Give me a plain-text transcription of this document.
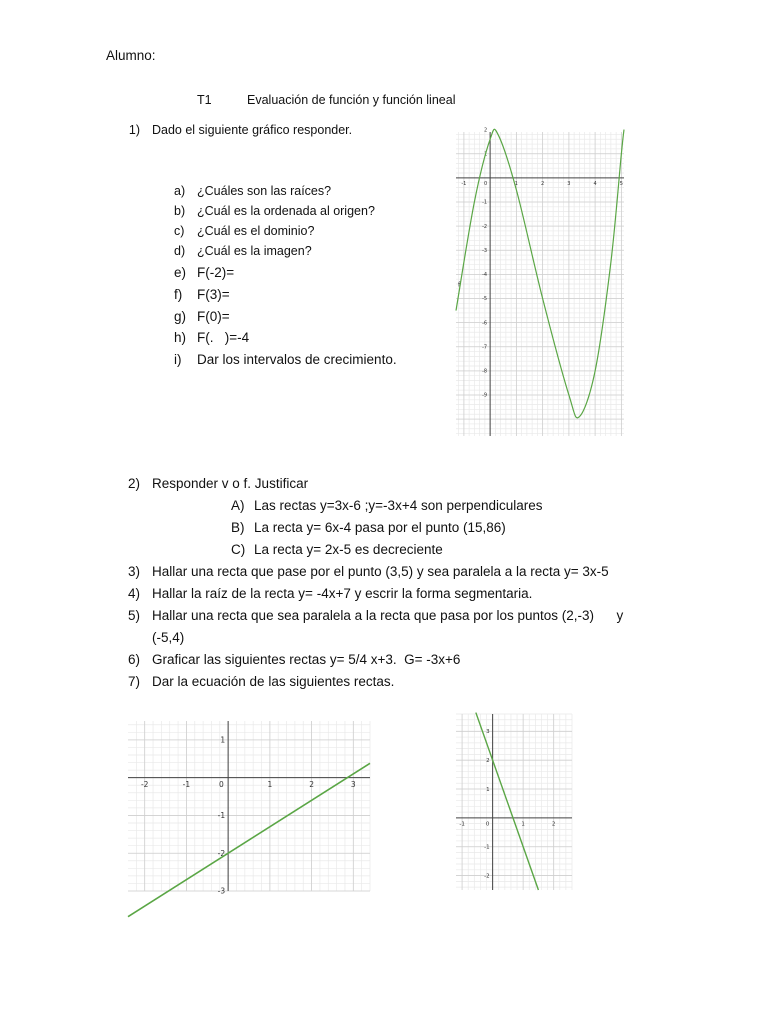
Alumno:
T1	Evaluación de función y función lineal
1) Dado el siguiente gráfico responder.
a) ¿Cuáles son las raíces?
b) ¿Cuál es la ordenada al origen?
c) ¿Cuál es el dominio?
d) ¿Cuál es la imagen?
e) F(-2)=
f) F(3)=
g) F(0)=
h) F(.   )=-4
i) Dar los intervalos de crecimiento.
-1	0	1	2	3	4	5
2
1
-1
-2
-3
-4
-5
-6
-7
-8
-9
f
2) Responder v o f. Justificar
A) Las rectas y=3x-6 ;y=-3x+4 son perpendiculares
B) La recta y= 6x-4 pasa por el punto (15,86)
C) La recta y= 2x-5 es decreciente
3) Hallar una recta que pase por el punto (3,5) y sea paralela a la recta y= 3x-5
4) Hallar la raíz de la recta y= -4x+7 y escrir la forma segmentaria.
5) Hallar una recta que sea paralela a la recta que pasa por los puntos (2,-3)      y
(-5,4)
6) Graficar las siguientes rectas y= 5/4 x+3.  G= -3x+6
7) Dar la ecuación de las siguientes rectas.
-2	-1	0	1	2	3
1
-1
-2
-3
-1	0	1	2
3
2
1
-1
-2
